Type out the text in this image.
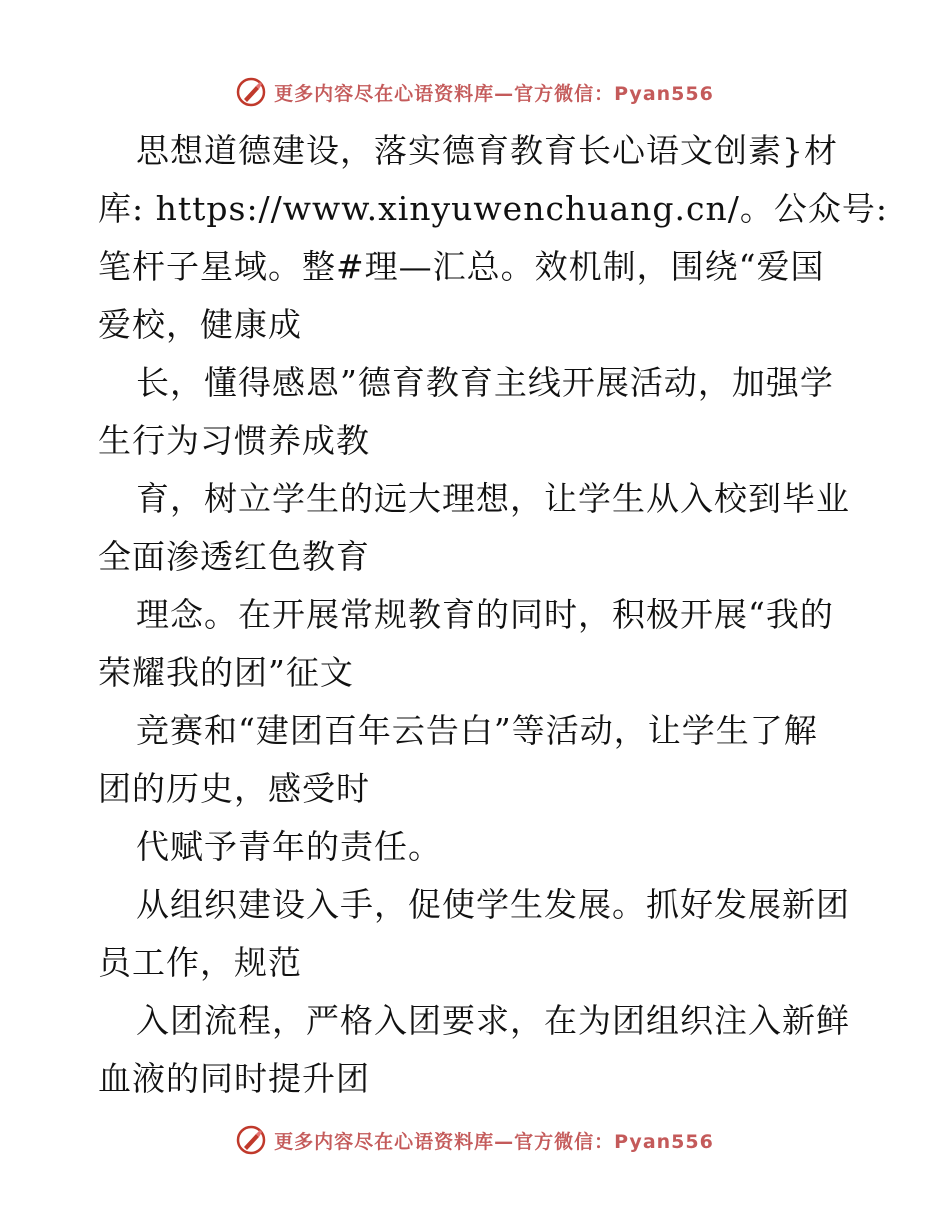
更多内容尽在心语资料库—官方微信：Pyan556
思想道德建设，落实德育教育长心语文创素}材
库: https://www.xinyuwenchuang.cn/。公众号:
笔杆子星域。整#理—汇总。效机制，围绕“爱国
爱校，健康成
长，懂得感恩”德育教育主线开展活动，加强学
生行为习惯养成教
育，树立学生的远大理想，让学生从入校到毕业
全面渗透红色教育
理念。在开展常规教育的同时，积极开展“我的
荣耀我的团”征文
竞赛和“建团百年云告白”等活动，让学生了解
团的历史，感受时
代赋予青年的责任。
从组织建设入手，促使学生发展。抓好发展新团
员工作，规范
入团流程，严格入团要求，在为团组织注入新鲜
血液的同时提升团
更多内容尽在心语资料库—官方微信：Pyan556
